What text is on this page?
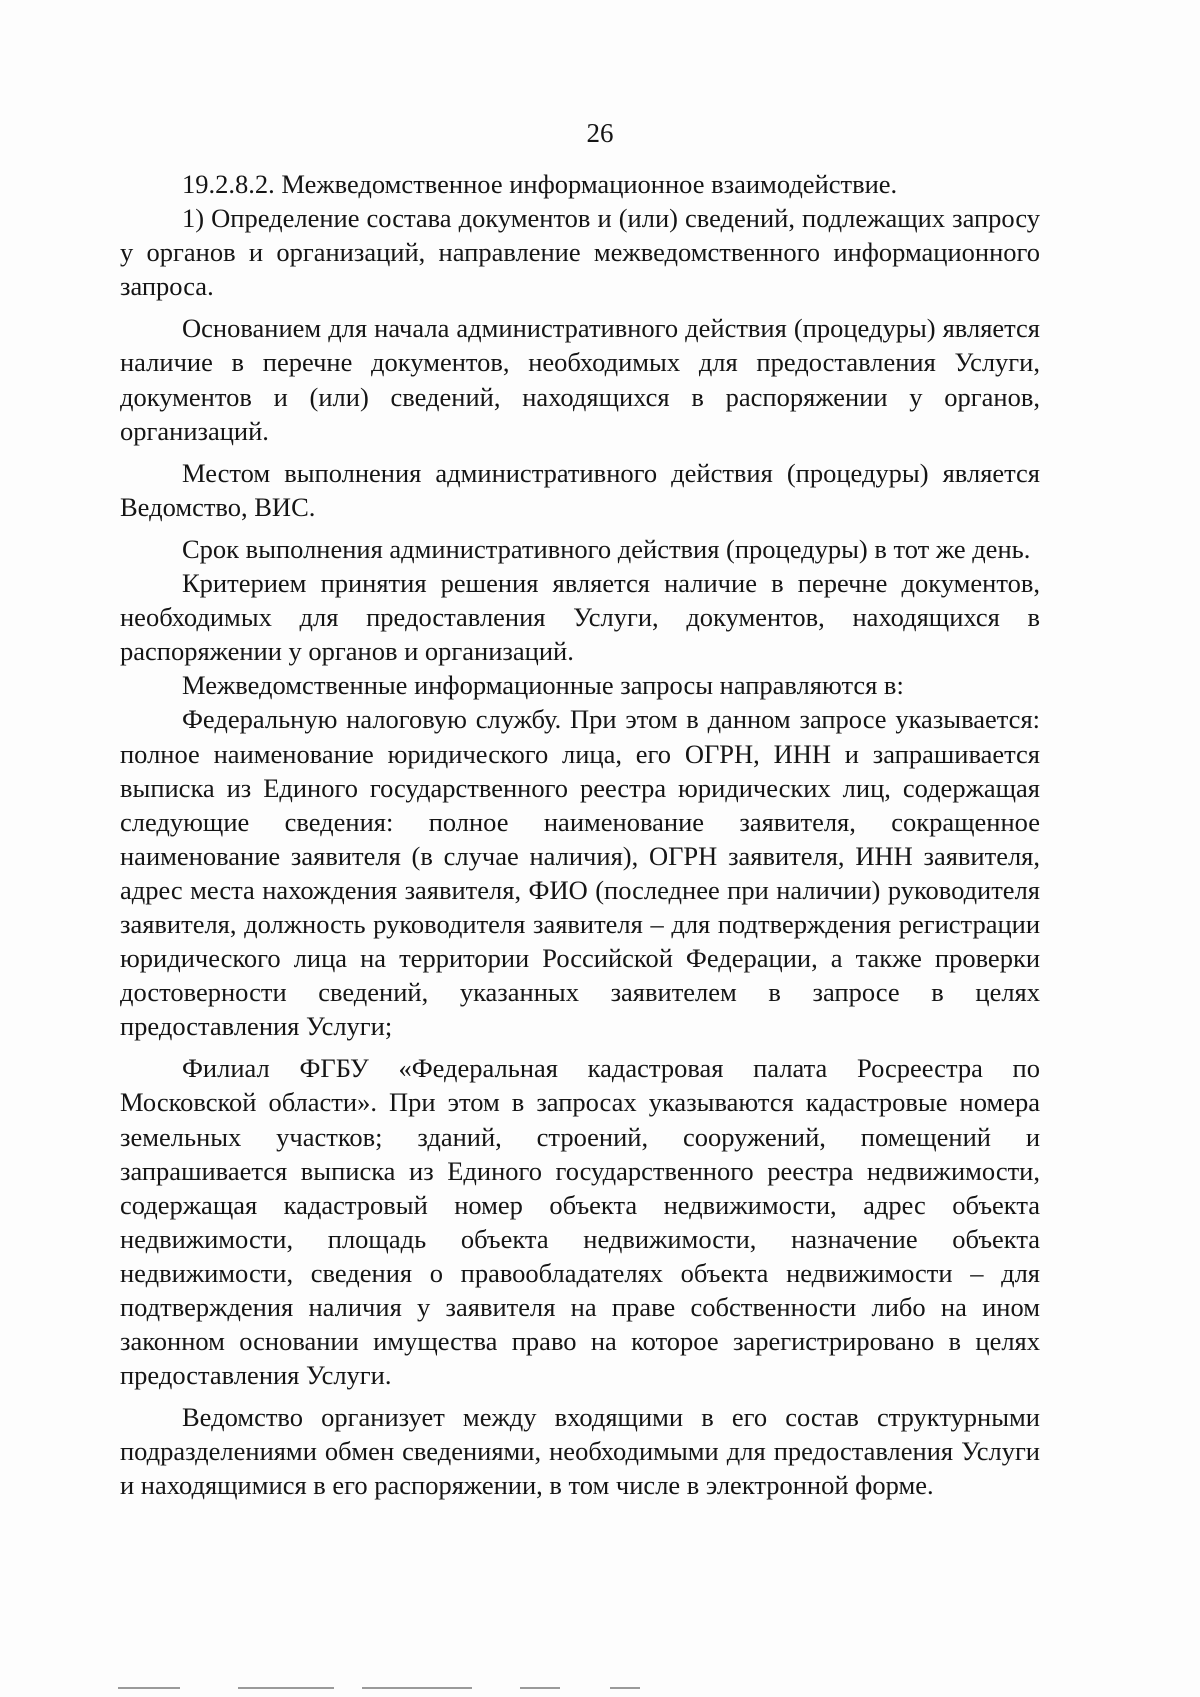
26

19.2.8.2. Межведомственное информационное взаимодействие.

1) Определение состава документов и (или) сведений, подлежащих запросу у органов и организаций, направление межведомственного информационного запроса.

Основанием для начала административного действия (процедуры) является наличие в перечне документов, необходимых для предоставления Услуги, документов и (или) сведений, находящихся в распоряжении у органов, организаций.

Местом выполнения административного действия (процедуры) является Ведомство, ВИС.

Срок выполнения административного действия (процедуры) в тот же день.

Критерием принятия решения является наличие в перечне документов, необходимых для предоставления Услуги, документов, находящихся в распоряжении у органов и организаций.

Межведомственные информационные запросы направляются в:

Федеральную налоговую службу. При этом в данном запросе указывается: полное наименование юридического лица, его ОГРН, ИНН и запрашивается выписка из Единого государственного реестра юридических лиц, содержащая следующие сведения: полное наименование заявителя, сокращенное наименование заявителя (в случае наличия), ОГРН заявителя, ИНН заявителя, адрес места нахождения заявителя, ФИО (последнее при наличии) руководителя заявителя, должность руководителя заявителя – для подтверждения регистрации юридического лица на территории Российской Федерации, а также проверки достоверности сведений, указанных заявителем в запросе в целях предоставления Услуги;

Филиал ФГБУ «Федеральная кадастровая палата Росреестра по Московской области». При этом в запросах указываются кадастровые номера земельных участков; зданий, строений, сооружений, помещений и запрашивается выписка из Единого государственного реестра недвижимости, содержащая кадастровый номер объекта недвижимости, адрес объекта недвижимости, площадь объекта недвижимости, назначение объекта недвижимости, сведения о правообладателях объекта недвижимости – для подтверждения наличия у заявителя на праве собственности либо на ином законном основании имущества право на которое зарегистрировано в целях предоставления Услуги.

Ведомство организует между входящими в его состав структурными подразделениями обмен сведениями, необходимыми для предоставления Услуги и находящимися в его распоряжении, в том числе в электронной форме.
